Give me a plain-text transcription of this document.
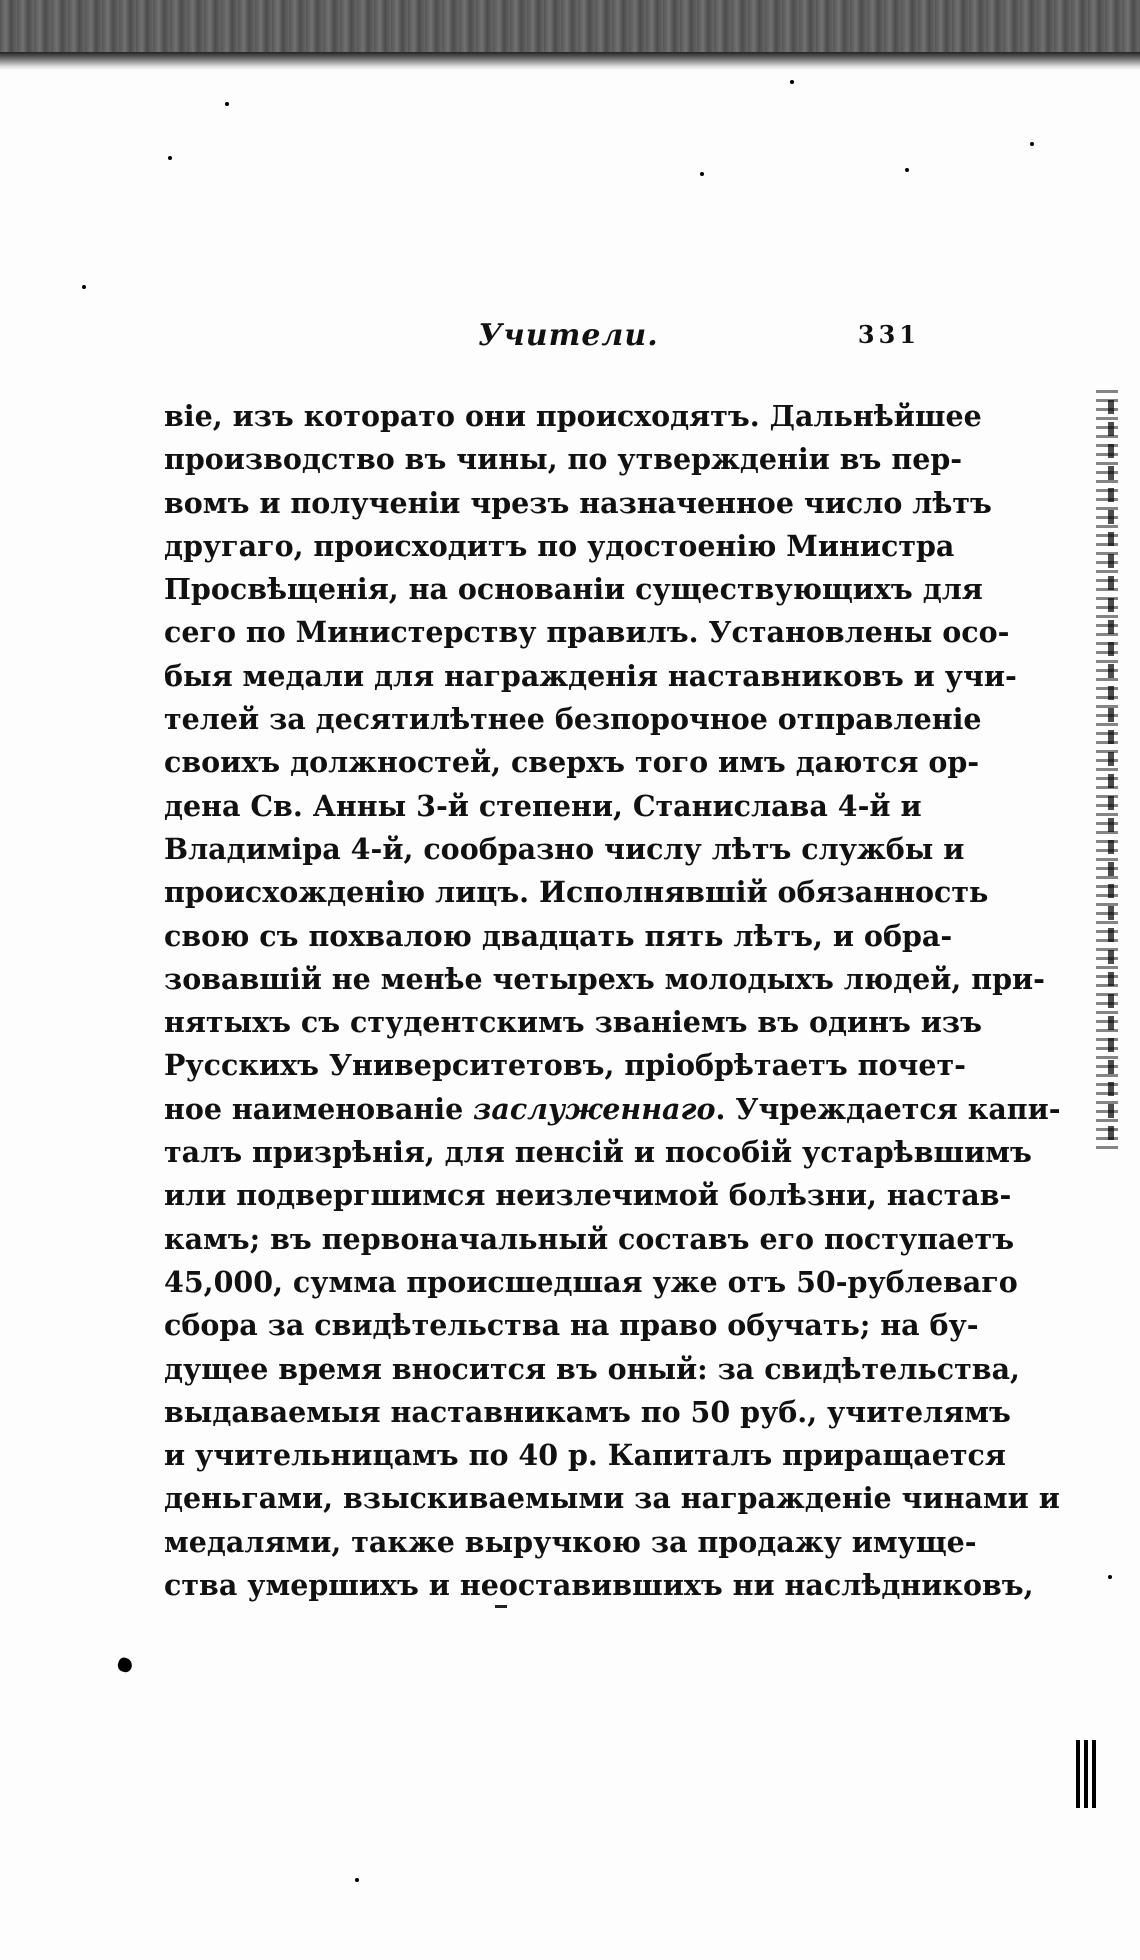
Учители.	331
віе, изъ которато они происходятъ. Дальнѣйшее
производство въ чины, по утвержденіи въ пер-
вомъ и полученіи чрезъ назначенное число лѣтъ
другаго, происходитъ по удостоенію Министра
Просвѣщенія, на основаніи существующихъ для
сего по Министерству правилъ. Установлены осо-
быя медали для награжденія наставниковъ и учи-
телей за десятилѣтнее безпорочное отправленіе
своихъ должностей, сверхъ того имъ даются ор-
дена Св. Анны 3-й степени, Станислава 4-й и
Владиміра 4-й, сообразно числу лѣтъ службы и
происхожденію лицъ. Исполнявшій обязанность
свою съ похвалою двадцать пять лѣтъ, и обра-
зовавшій не менѣе четырехъ молодыхъ людей, при-
нятыхъ съ студентскимъ званіемъ въ одинъ изъ
Русскихъ Университетовъ, пріобрѣтаетъ почет-
ное наименованіе заслуженнаго. Учреждается капи-
талъ призрѣнія, для пенсій и пособій устарѣвшимъ
или подвергшимся неизлечимой болѣзни, настав-
камъ; въ первоначальный составъ его поступаетъ
45,000, сумма происшедшая уже отъ 50-рублеваго
сбора за свидѣтельства на право обучать; на бу-
дущее время вносится въ оный: за свидѣтельства,
выдаваемыя наставникамъ по 50 руб., учителямъ
и учительницамъ по 40 р. Капиталъ приращается
деньгами, взыскиваемыми за награжденіе чинами и
медалями, также выручкою за продажу имуще-
ства умершихъ и неоставившихъ ни наслѣдниковъ,
